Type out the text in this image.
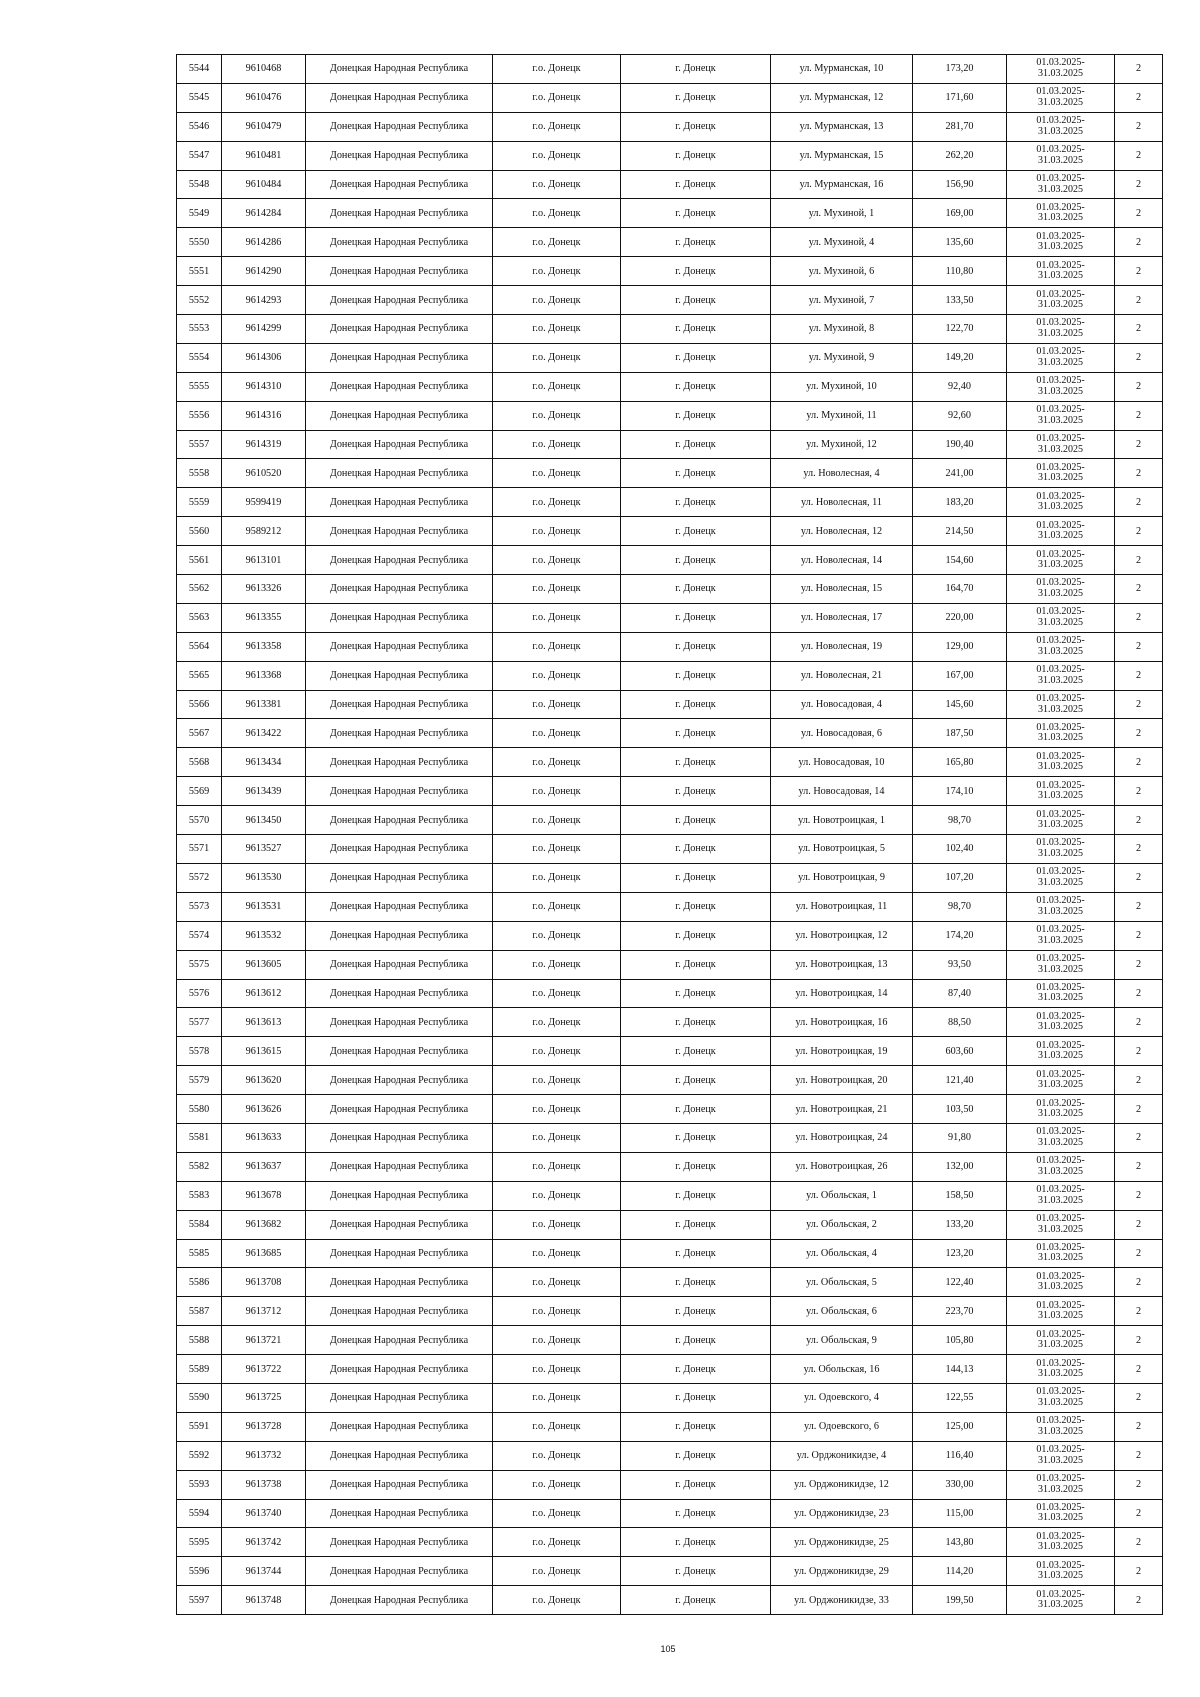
5544	9610468	Донецкая Народная Республика	г.о. Донецк	г. Донецк	ул. Мурманская, 10	173,20	01.03.2025-
31.03.2025	2
5545	9610476	Донецкая Народная Республика	г.о. Донецк	г. Донецк	ул. Мурманская, 12	171,60	01.03.2025-
31.03.2025	2
5546	9610479	Донецкая Народная Республика	г.о. Донецк	г. Донецк	ул. Мурманская, 13	281,70	01.03.2025-
31.03.2025	2
5547	9610481	Донецкая Народная Республика	г.о. Донецк	г. Донецк	ул. Мурманская, 15	262,20	01.03.2025-
31.03.2025	2
5548	9610484	Донецкая Народная Республика	г.о. Донецк	г. Донецк	ул. Мурманская, 16	156,90	01.03.2025-
31.03.2025	2
5549	9614284	Донецкая Народная Республика	г.о. Донецк	г. Донецк	ул. Мухиной, 1	169,00	01.03.2025-
31.03.2025	2
5550	9614286	Донецкая Народная Республика	г.о. Донецк	г. Донецк	ул. Мухиной, 4	135,60	01.03.2025-
31.03.2025	2
5551	9614290	Донецкая Народная Республика	г.о. Донецк	г. Донецк	ул. Мухиной, 6	110,80	01.03.2025-
31.03.2025	2
5552	9614293	Донецкая Народная Республика	г.о. Донецк	г. Донецк	ул. Мухиной, 7	133,50	01.03.2025-
31.03.2025	2
5553	9614299	Донецкая Народная Республика	г.о. Донецк	г. Донецк	ул. Мухиной, 8	122,70	01.03.2025-
31.03.2025	2
5554	9614306	Донецкая Народная Республика	г.о. Донецк	г. Донецк	ул. Мухиной, 9	149,20	01.03.2025-
31.03.2025	2
5555	9614310	Донецкая Народная Республика	г.о. Донецк	г. Донецк	ул. Мухиной, 10	92,40	01.03.2025-
31.03.2025	2
5556	9614316	Донецкая Народная Республика	г.о. Донецк	г. Донецк	ул. Мухиной, 11	92,60	01.03.2025-
31.03.2025	2
5557	9614319	Донецкая Народная Республика	г.о. Донецк	г. Донецк	ул. Мухиной, 12	190,40	01.03.2025-
31.03.2025	2
5558	9610520	Донецкая Народная Республика	г.о. Донецк	г. Донецк	ул. Новолесная, 4	241,00	01.03.2025-
31.03.2025	2
5559	9599419	Донецкая Народная Республика	г.о. Донецк	г. Донецк	ул. Новолесная, 11	183,20	01.03.2025-
31.03.2025	2
5560	9589212	Донецкая Народная Республика	г.о. Донецк	г. Донецк	ул. Новолесная, 12	214,50	01.03.2025-
31.03.2025	2
5561	9613101	Донецкая Народная Республика	г.о. Донецк	г. Донецк	ул. Новолесная, 14	154,60	01.03.2025-
31.03.2025	2
5562	9613326	Донецкая Народная Республика	г.о. Донецк	г. Донецк	ул. Новолесная, 15	164,70	01.03.2025-
31.03.2025	2
5563	9613355	Донецкая Народная Республика	г.о. Донецк	г. Донецк	ул. Новолесная, 17	220,00	01.03.2025-
31.03.2025	2
5564	9613358	Донецкая Народная Республика	г.о. Донецк	г. Донецк	ул. Новолесная, 19	129,00	01.03.2025-
31.03.2025	2
5565	9613368	Донецкая Народная Республика	г.о. Донецк	г. Донецк	ул. Новолесная, 21	167,00	01.03.2025-
31.03.2025	2
5566	9613381	Донецкая Народная Республика	г.о. Донецк	г. Донецк	ул. Новосадовая, 4	145,60	01.03.2025-
31.03.2025	2
5567	9613422	Донецкая Народная Республика	г.о. Донецк	г. Донецк	ул. Новосадовая, 6	187,50	01.03.2025-
31.03.2025	2
5568	9613434	Донецкая Народная Республика	г.о. Донецк	г. Донецк	ул. Новосадовая, 10	165,80	01.03.2025-
31.03.2025	2
5569	9613439	Донецкая Народная Республика	г.о. Донецк	г. Донецк	ул. Новосадовая, 14	174,10	01.03.2025-
31.03.2025	2
5570	9613450	Донецкая Народная Республика	г.о. Донецк	г. Донецк	ул. Новотроицкая, 1	98,70	01.03.2025-
31.03.2025	2
5571	9613527	Донецкая Народная Республика	г.о. Донецк	г. Донецк	ул. Новотроицкая, 5	102,40	01.03.2025-
31.03.2025	2
5572	9613530	Донецкая Народная Республика	г.о. Донецк	г. Донецк	ул. Новотроицкая, 9	107,20	01.03.2025-
31.03.2025	2
5573	9613531	Донецкая Народная Республика	г.о. Донецк	г. Донецк	ул. Новотроицкая, 11	98,70	01.03.2025-
31.03.2025	2
5574	9613532	Донецкая Народная Республика	г.о. Донецк	г. Донецк	ул. Новотроицкая, 12	174,20	01.03.2025-
31.03.2025	2
5575	9613605	Донецкая Народная Республика	г.о. Донецк	г. Донецк	ул. Новотроицкая, 13	93,50	01.03.2025-
31.03.2025	2
5576	9613612	Донецкая Народная Республика	г.о. Донецк	г. Донецк	ул. Новотроицкая, 14	87,40	01.03.2025-
31.03.2025	2
5577	9613613	Донецкая Народная Республика	г.о. Донецк	г. Донецк	ул. Новотроицкая, 16	88,50	01.03.2025-
31.03.2025	2
5578	9613615	Донецкая Народная Республика	г.о. Донецк	г. Донецк	ул. Новотроицкая, 19	603,60	01.03.2025-
31.03.2025	2
5579	9613620	Донецкая Народная Республика	г.о. Донецк	г. Донецк	ул. Новотроицкая, 20	121,40	01.03.2025-
31.03.2025	2
5580	9613626	Донецкая Народная Республика	г.о. Донецк	г. Донецк	ул. Новотроицкая, 21	103,50	01.03.2025-
31.03.2025	2
5581	9613633	Донецкая Народная Республика	г.о. Донецк	г. Донецк	ул. Новотроицкая, 24	91,80	01.03.2025-
31.03.2025	2
5582	9613637	Донецкая Народная Республика	г.о. Донецк	г. Донецк	ул. Новотроицкая, 26	132,00	01.03.2025-
31.03.2025	2
5583	9613678	Донецкая Народная Республика	г.о. Донецк	г. Донецк	ул. Обольская, 1	158,50	01.03.2025-
31.03.2025	2
5584	9613682	Донецкая Народная Республика	г.о. Донецк	г. Донецк	ул. Обольская, 2	133,20	01.03.2025-
31.03.2025	2
5585	9613685	Донецкая Народная Республика	г.о. Донецк	г. Донецк	ул. Обольская, 4	123,20	01.03.2025-
31.03.2025	2
5586	9613708	Донецкая Народная Республика	г.о. Донецк	г. Донецк	ул. Обольская, 5	122,40	01.03.2025-
31.03.2025	2
5587	9613712	Донецкая Народная Республика	г.о. Донецк	г. Донецк	ул. Обольская, 6	223,70	01.03.2025-
31.03.2025	2
5588	9613721	Донецкая Народная Республика	г.о. Донецк	г. Донецк	ул. Обольская, 9	105,80	01.03.2025-
31.03.2025	2
5589	9613722	Донецкая Народная Республика	г.о. Донецк	г. Донецк	ул. Обольская, 16	144,13	01.03.2025-
31.03.2025	2
5590	9613725	Донецкая Народная Республика	г.о. Донецк	г. Донецк	ул. Одоевского, 4	122,55	01.03.2025-
31.03.2025	2
5591	9613728	Донецкая Народная Республика	г.о. Донецк	г. Донецк	ул. Одоевского, 6	125,00	01.03.2025-
31.03.2025	2
5592	9613732	Донецкая Народная Республика	г.о. Донецк	г. Донецк	ул. Орджоникидзе, 4	116,40	01.03.2025-
31.03.2025	2
5593	9613738	Донецкая Народная Республика	г.о. Донецк	г. Донецк	ул. Орджоникидзе, 12	330,00	01.03.2025-
31.03.2025	2
5594	9613740	Донецкая Народная Республика	г.о. Донецк	г. Донецк	ул. Орджоникидзе, 23	115,00	01.03.2025-
31.03.2025	2
5595	9613742	Донецкая Народная Республика	г.о. Донецк	г. Донецк	ул. Орджоникидзе, 25	143,80	01.03.2025-
31.03.2025	2
5596	9613744	Донецкая Народная Республика	г.о. Донецк	г. Донецк	ул. Орджоникидзе, 29	114,20	01.03.2025-
31.03.2025	2
5597	9613748	Донецкая Народная Республика	г.о. Донецк	г. Донецк	ул. Орджоникидзе, 33	199,50	01.03.2025-
31.03.2025	2
105
